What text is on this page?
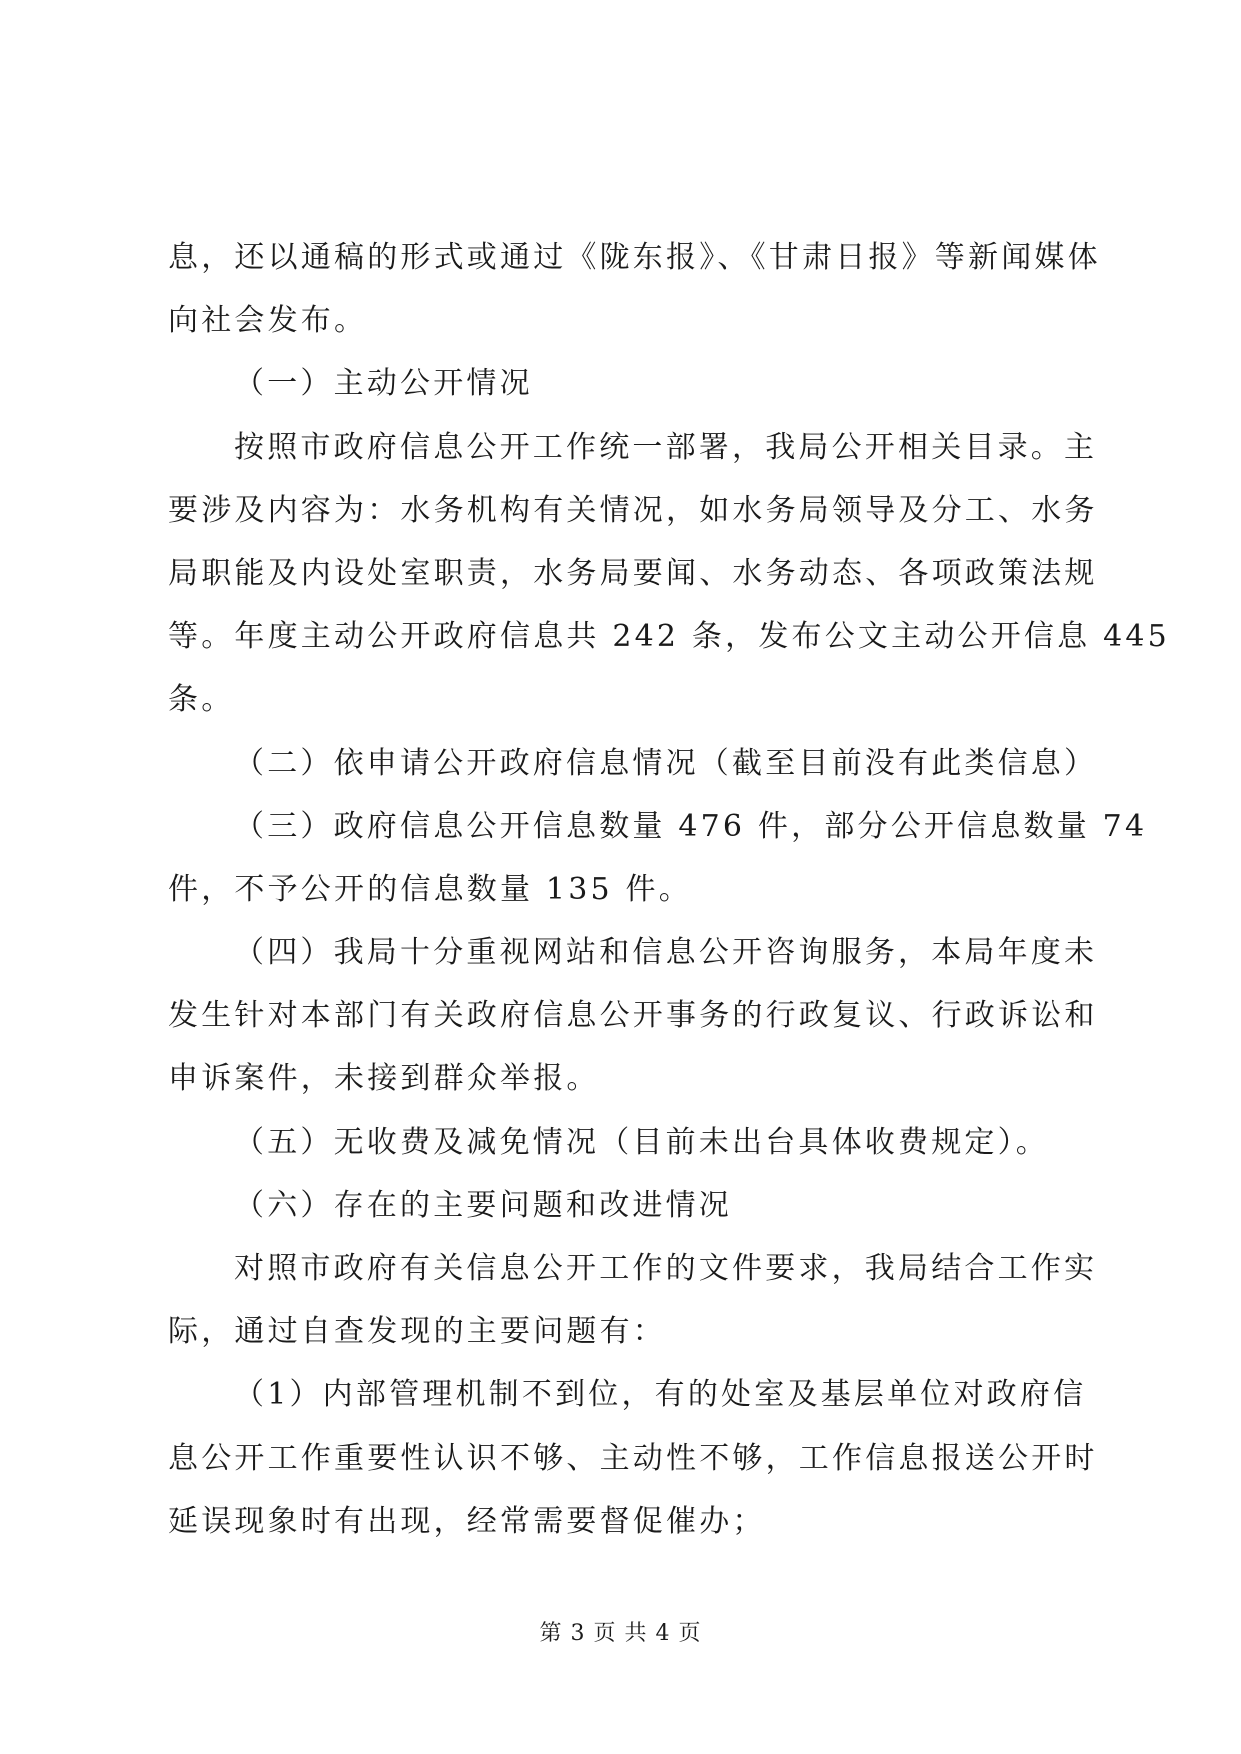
息，还以通稿的形式或通过《陇东报》、《甘肃日报》等新闻媒体
向社会发布。
（一）主动公开情况
按照市政府信息公开工作统一部署，我局公开相关目录。主
要涉及内容为：水务机构有关情况，如水务局领导及分工、水务
局职能及内设处室职责，水务局要闻、水务动态、各项政策法规
等。年度主动公开政府信息共 242 条，发布公文主动公开信息 445
条。
（二）依申请公开政府信息情况（截至目前没有此类信息）
（三）政府信息公开信息数量 476 件，部分公开信息数量 74
件，不予公开的信息数量 135 件。
（四）我局十分重视网站和信息公开咨询服务，本局年度未
发生针对本部门有关政府信息公开事务的行政复议、行政诉讼和
申诉案件，未接到群众举报。
（五）无收费及减免情况（目前未出台具体收费规定）。
（六）存在的主要问题和改进情况
对照市政府有关信息公开工作的文件要求，我局结合工作实
际，通过自查发现的主要问题有：
（1）内部管理机制不到位，有的处室及基层单位对政府信
息公开工作重要性认识不够、主动性不够，工作信息报送公开时
延误现象时有出现，经常需要督促催办；
第 3 页 共 4 页
